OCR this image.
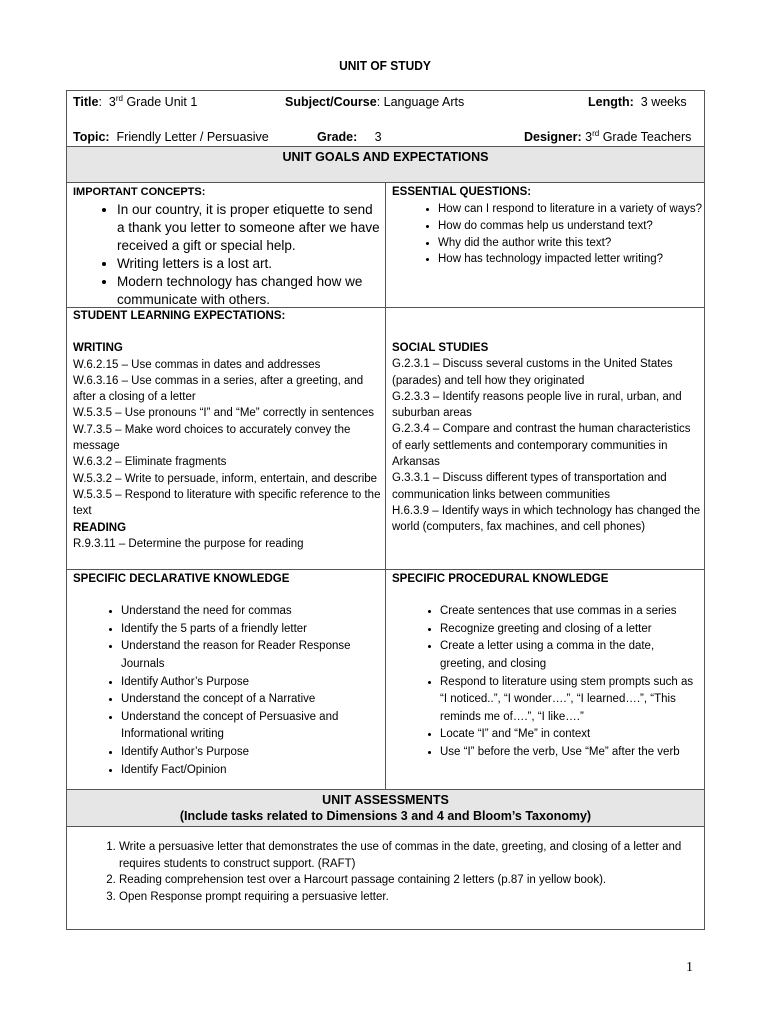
UNIT OF STUDY
Title:  3rd Grade Unit 1	Subject/Course: Language Arts	Length: 3 weeks
Topic: Friendly Letter / Persuasive	Grade: 3	Designer: 3rd Grade Teachers
UNIT GOALS AND EXPECTATIONS
IMPORTANT CONCEPTS:
• In our country, it is proper etiquette to send a thank you letter to someone after we have received a gift or special help.
• Writing letters is a lost art.
• Modern technology has changed how we communicate with others.
ESSENTIAL QUESTIONS:
• How can I respond to literature in a variety of ways?
• How do commas help us understand text?
• Why did the author write this text?
• How has technology impacted letter writing?
STUDENT LEARNING EXPECTATIONS:
WRITING
W.6.2.15 – Use commas in dates and addresses
W.6.3.16 – Use commas in a series, after a greeting, and
after a closing of a letter
W.5.3.5 – Use pronouns “I” and “Me” correctly in sentences
W.7.3.5 – Make word choices to accurately convey the
message
W.6.3.2 – Eliminate fragments
W.5.3.2 – Write to persuade, inform, entertain, and describe
W.5.3.5 – Respond to literature with specific reference to the
text
READING
R.9.3.11 – Determine the purpose for reading
SOCIAL STUDIES
G.2.3.1 – Discuss several customs in the United States
(parades) and tell how they originated
G.2.3.3 – Identify reasons people live in rural, urban, and
suburban areas
G.2.3.4 – Compare and contrast the human characteristics
of early settlements and contemporary communities in
Arkansas
G.3.3.1 – Discuss different types of transportation and
communication links between communities
H.6.3.9 – Identify ways in which technology has changed the
world (computers, fax machines, and cell phones)
SPECIFIC DECLARATIVE KNOWLEDGE
• Understand the need for commas
• Identify the 5 parts of a friendly letter
• Understand the reason for Reader Response Journals
• Identify Author’s Purpose
• Understand the concept of a Narrative
• Understand the concept of Persuasive and Informational writing
• Identify Author’s Purpose
• Identify Fact/Opinion
SPECIFIC PROCEDURAL KNOWLEDGE
• Create sentences that use commas in a series
• Recognize greeting and closing of a letter
• Create a letter using a comma in the date, greeting, and closing
• Respond to literature using stem prompts such as “I noticed..”, “I wonder….”, “I learned….”, “This reminds me of….”, “I like….”
• Locate “I” and “Me” in context
• Use “I” before the verb, Use “Me” after the verb
UNIT ASSESSMENTS
(Include tasks related to Dimensions 3 and 4 and Bloom’s Taxonomy)
1. Write a persuasive letter that demonstrates the use of commas in the date, greeting, and closing of a letter and requires students to construct support. (RAFT)
2. Reading comprehension test over a Harcourt passage containing 2 letters (p.87 in yellow book).
3. Open Response prompt requiring a persuasive letter.
1
